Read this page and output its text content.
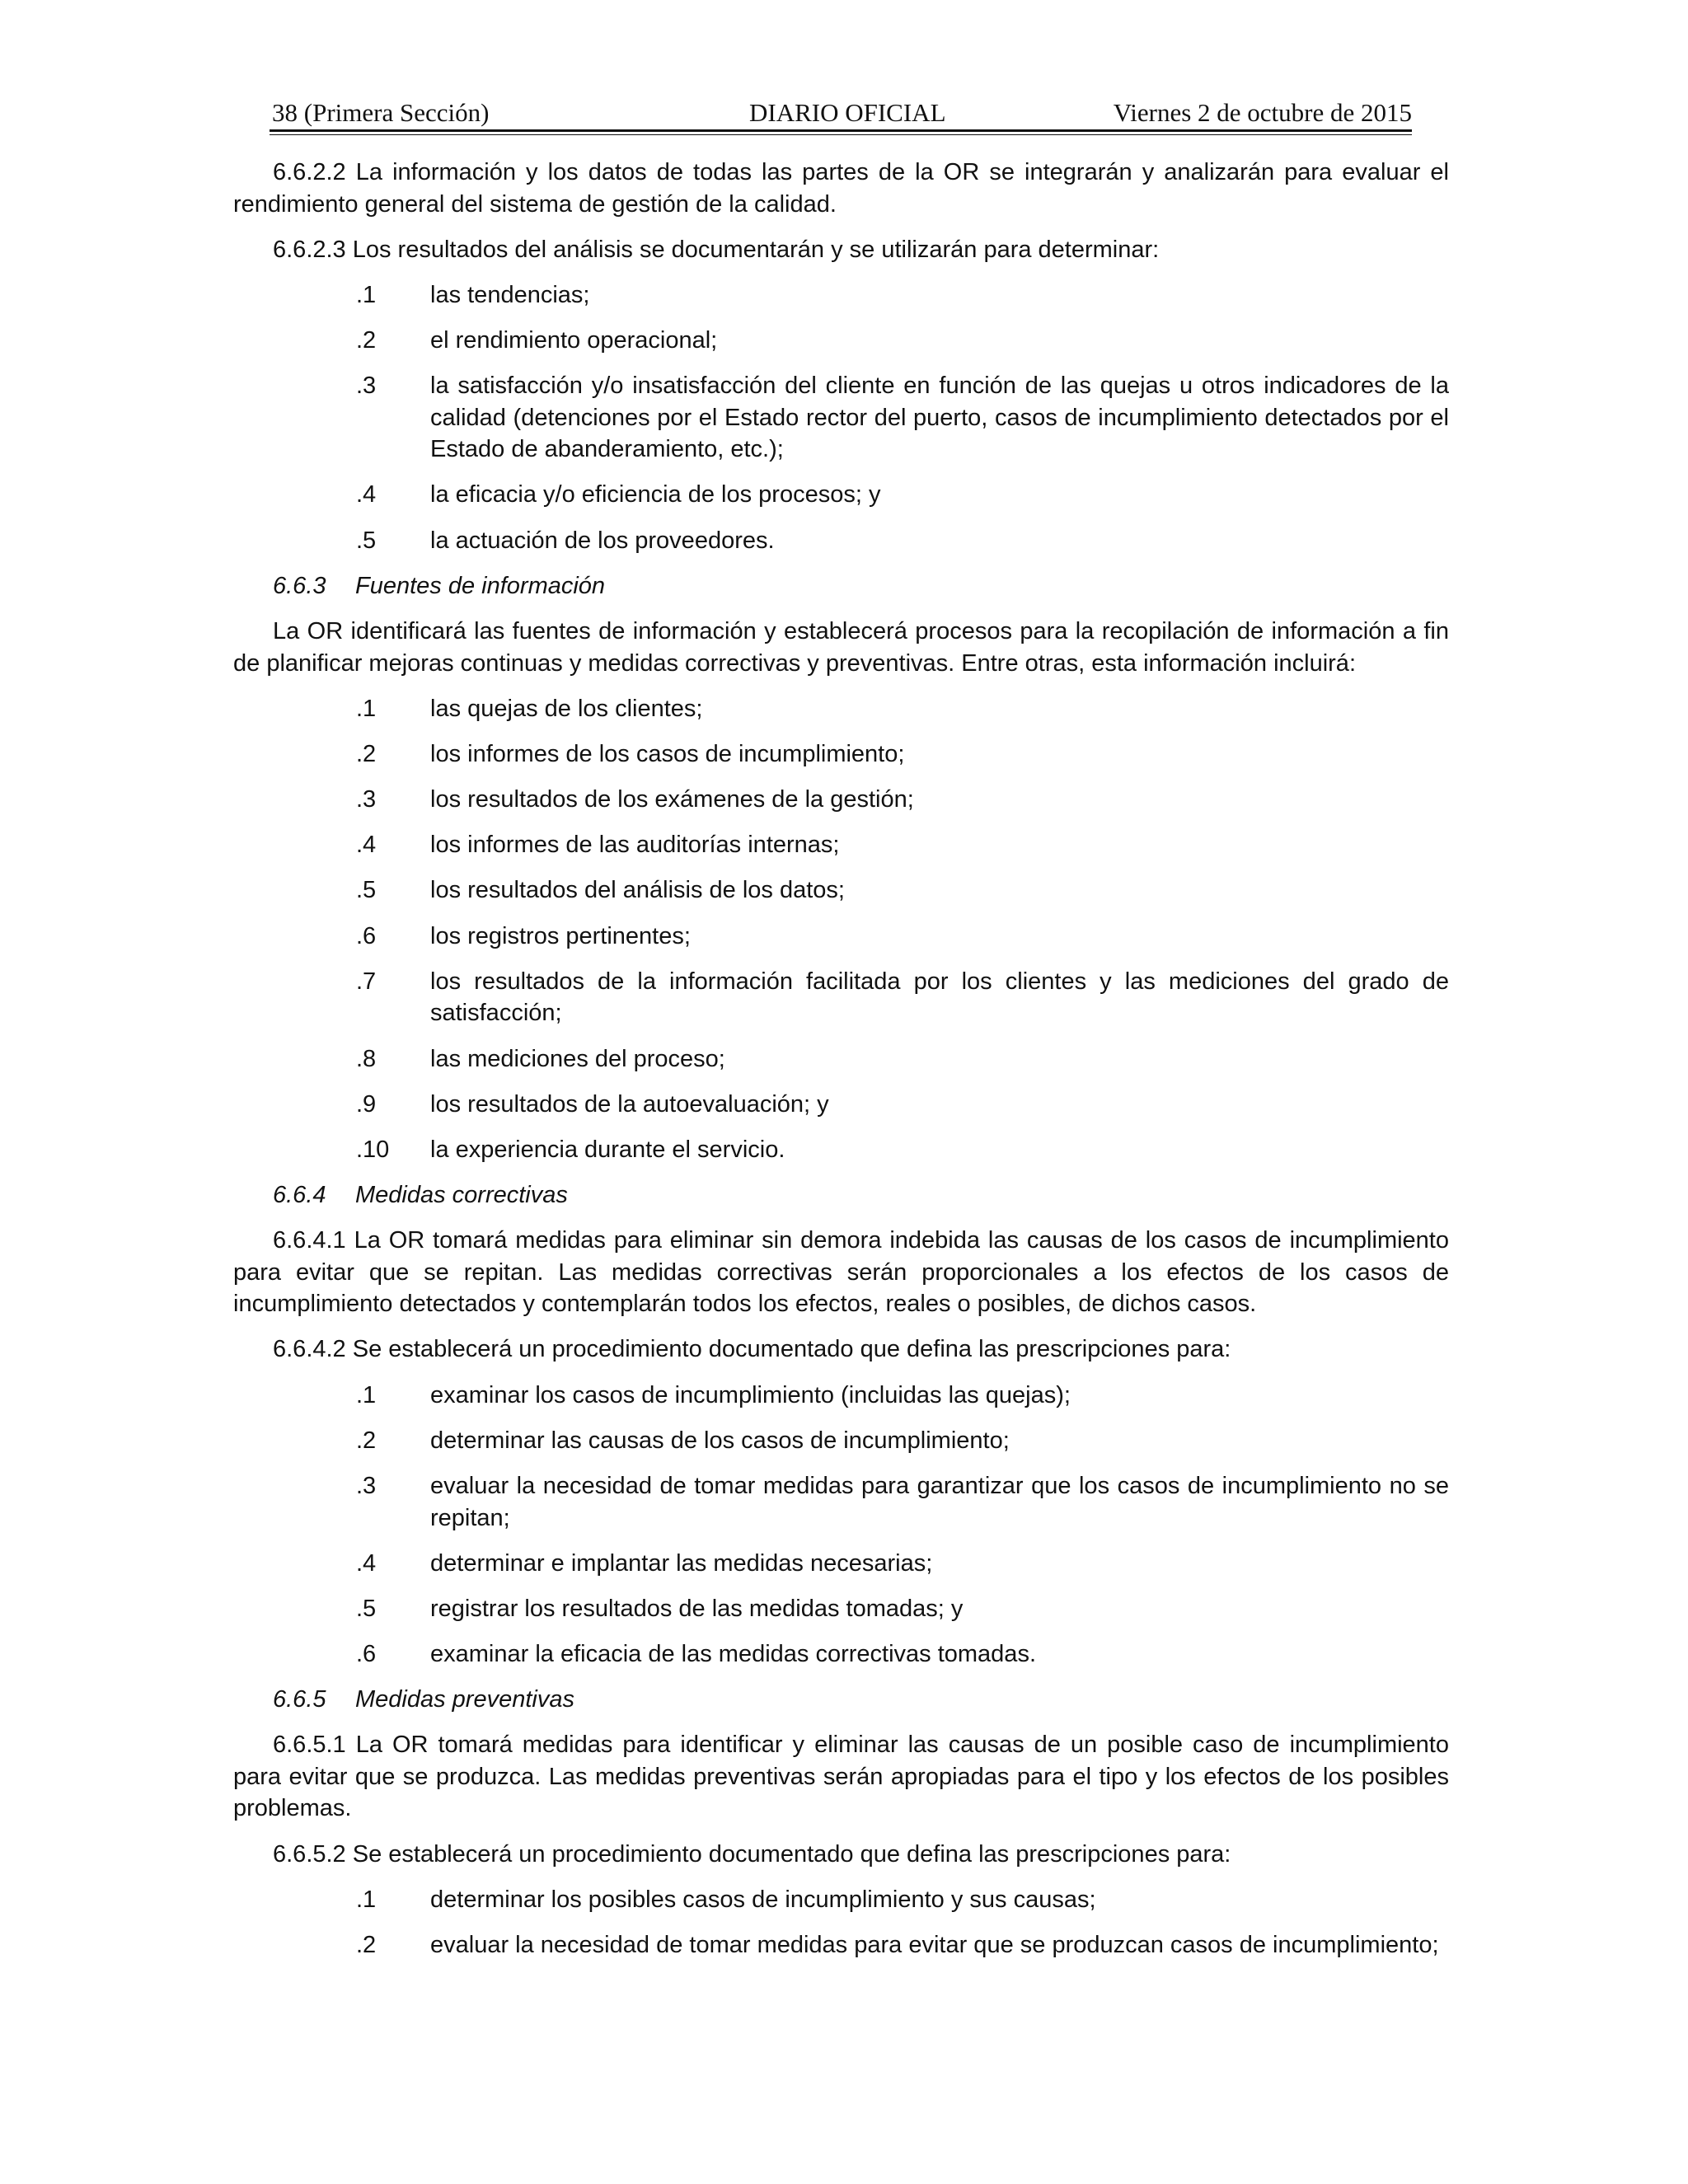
38 (Primera Sección)	DIARIO OFICIAL	Viernes 2 de octubre de 2015

6.6.2.2 La información y los datos de todas las partes de la OR se integrarán y analizarán para evaluar el rendimiento general del sistema de gestión de la calidad.

6.6.2.3 Los resultados del análisis se documentarán y se utilizarán para determinar:

.1 las tendencias;
.2 el rendimiento operacional;
.3 la satisfacción y/o insatisfacción del cliente en función de las quejas u otros indicadores de la calidad (detenciones por el Estado rector del puerto, casos de incumplimiento detectados por el Estado de abanderamiento, etc.);
.4 la eficacia y/o eficiencia de los procesos; y
.5 la actuación de los proveedores.
6.6.3 Fuentes de información

La OR identificará las fuentes de información y establecerá procesos para la recopilación de información a fin de planificar mejoras continuas y medidas correctivas y preventivas. Entre otras, esta información incluirá:

.1 las quejas de los clientes;
.2 los informes de los casos de incumplimiento;
.3 los resultados de los exámenes de la gestión;
.4 los informes de las auditorías internas;
.5 los resultados del análisis de los datos;
.6 los registros pertinentes;
.7 los resultados de la información facilitada por los clientes y las mediciones del grado de satisfacción;
.8 las mediciones del proceso;
.9 los resultados de la autoevaluación; y
.10 la experiencia durante el servicio.
6.6.4 Medidas correctivas

6.6.4.1 La OR tomará medidas para eliminar sin demora indebida las causas de los casos de incumplimiento para evitar que se repitan. Las medidas correctivas serán proporcionales a los efectos de los casos de incumplimiento detectados y contemplarán todos los efectos, reales o posibles, de dichos casos.

6.6.4.2 Se establecerá un procedimiento documentado que defina las prescripciones para:

.1 examinar los casos de incumplimiento (incluidas las quejas);
.2 determinar las causas de los casos de incumplimiento;
.3 evaluar la necesidad de tomar medidas para garantizar que los casos de incumplimiento no se repitan;
.4 determinar e implantar las medidas necesarias;
.5 registrar los resultados de las medidas tomadas; y
.6 examinar la eficacia de las medidas correctivas tomadas.
6.6.5 Medidas preventivas

6.6.5.1 La OR tomará medidas para identificar y eliminar las causas de un posible caso de incumplimiento para evitar que se produzca. Las medidas preventivas serán apropiadas para el tipo y los efectos de los posibles problemas.

6.6.5.2 Se establecerá un procedimiento documentado que defina las prescripciones para:

.1 determinar los posibles casos de incumplimiento y sus causas;
.2 evaluar la necesidad de tomar medidas para evitar que se produzcan casos de incumplimiento;
